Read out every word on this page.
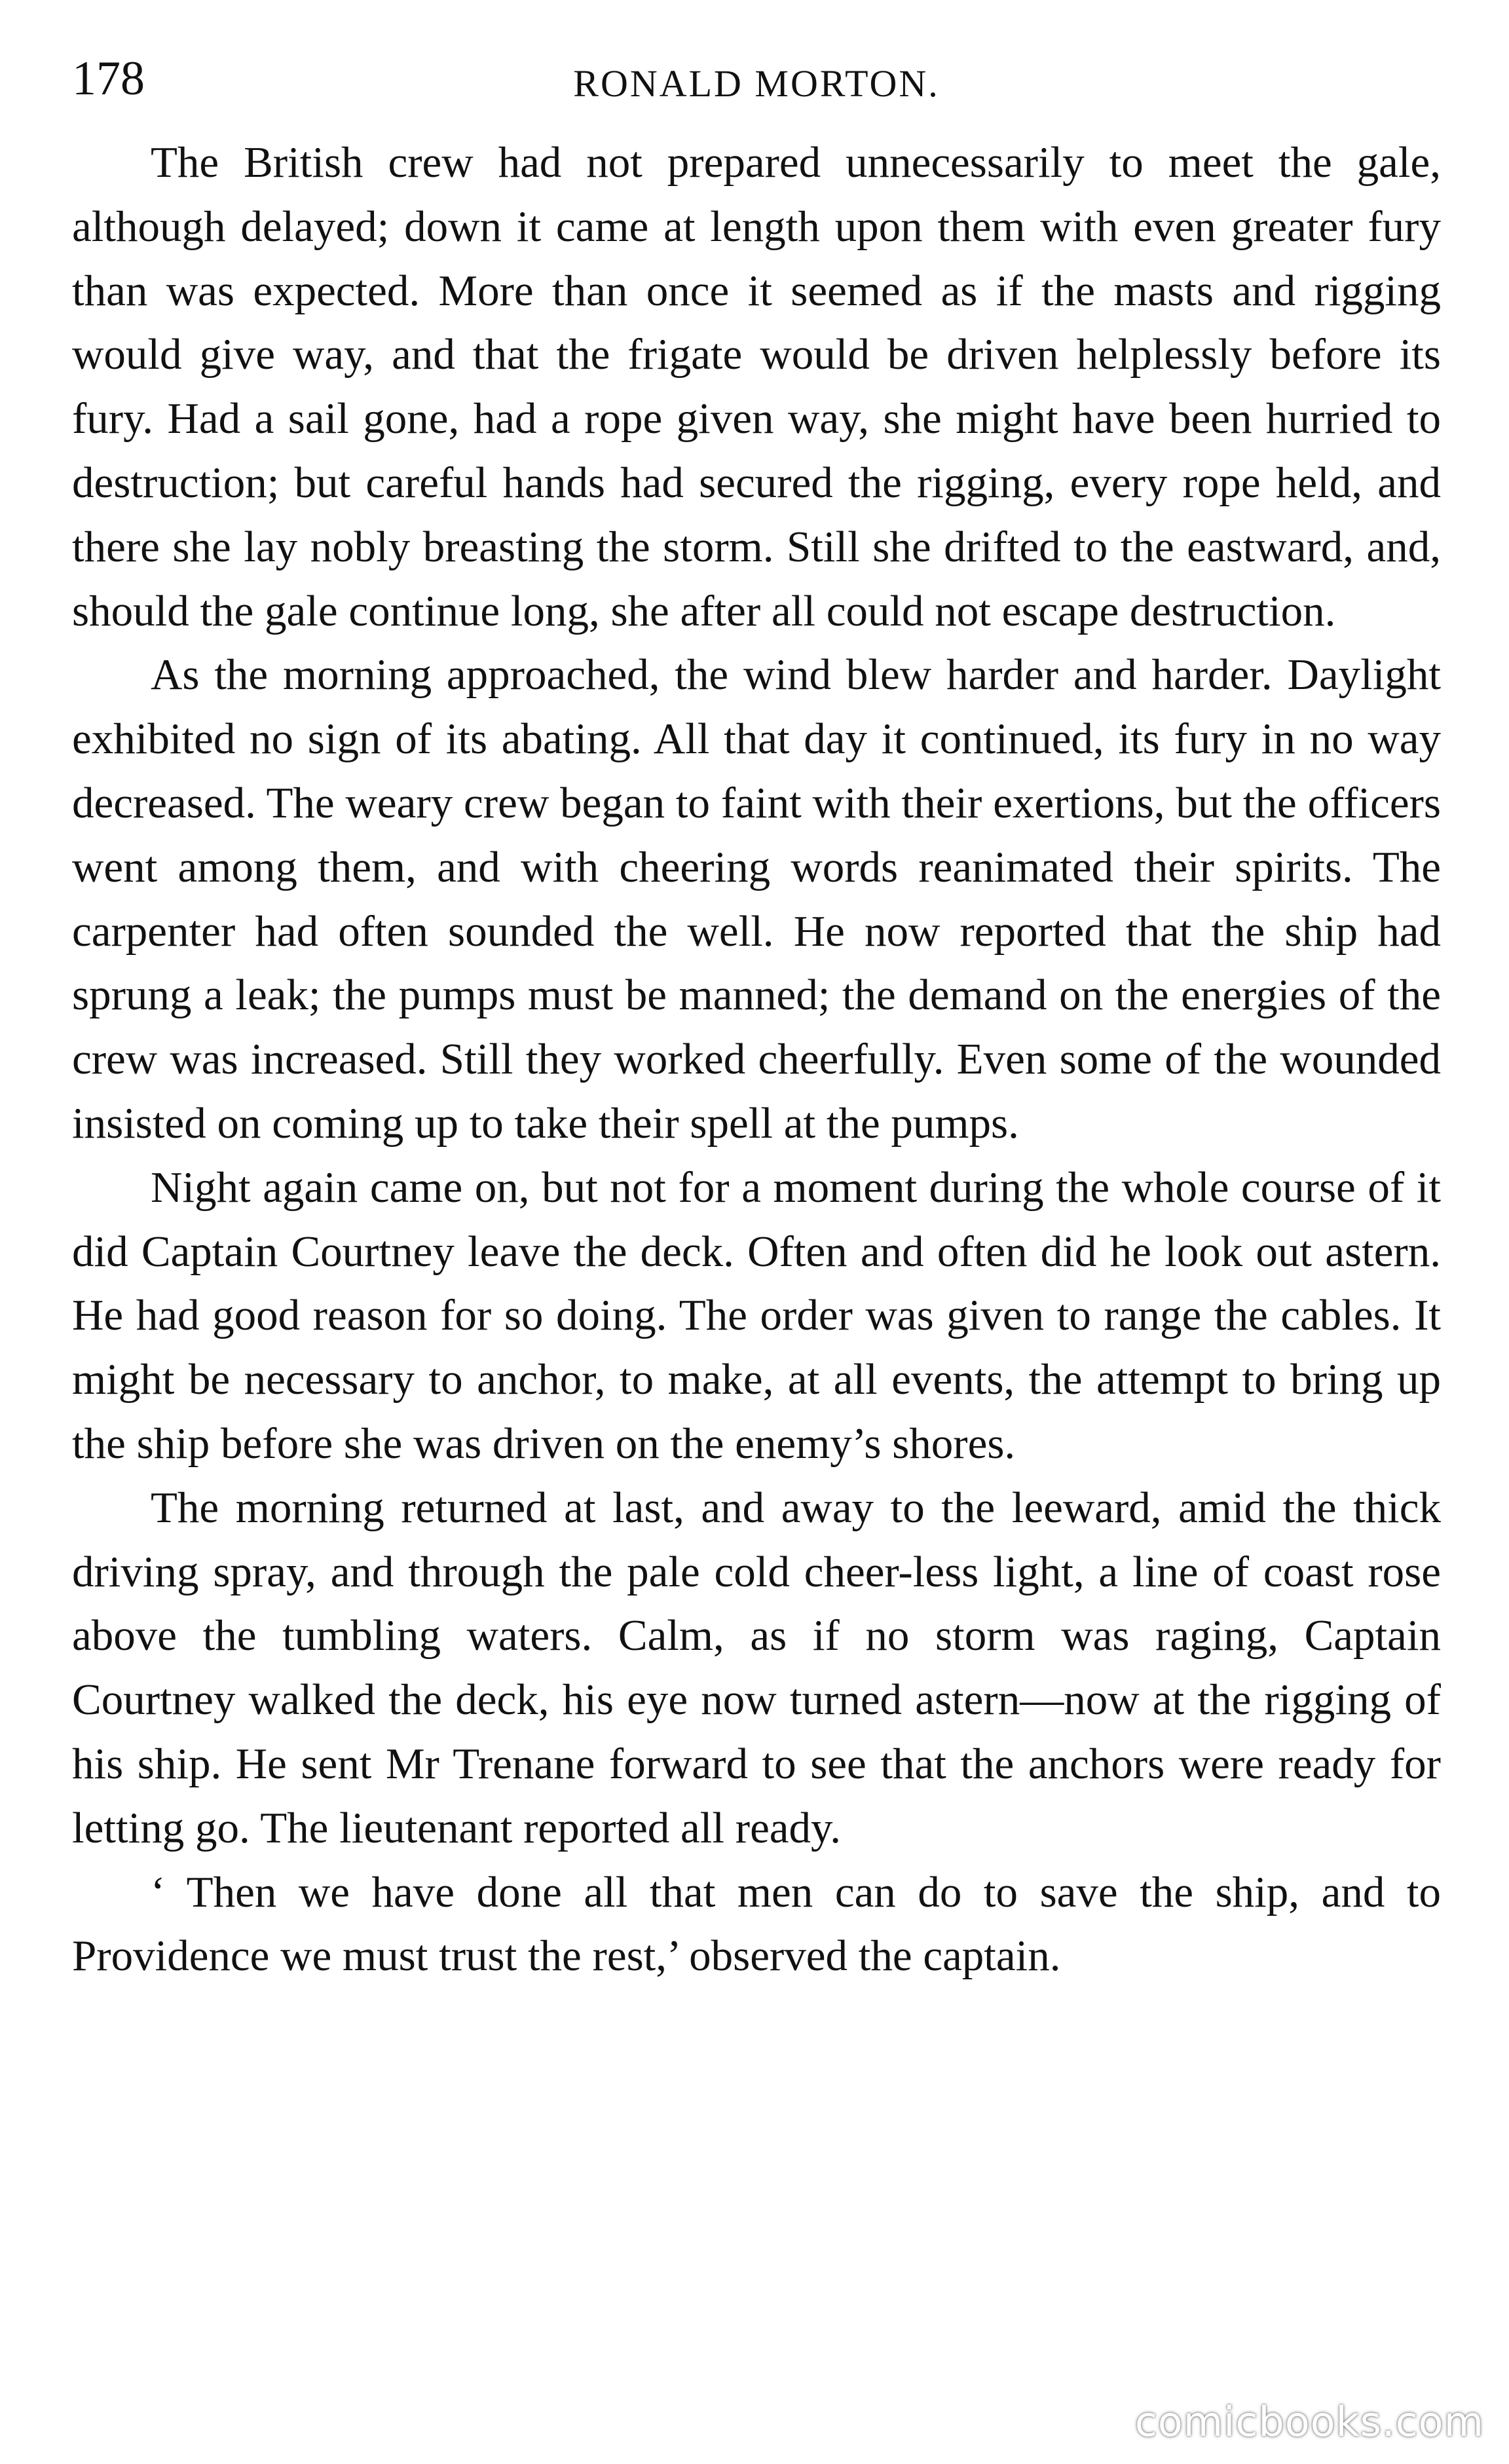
178	RONALD MORTON.

The British crew had not prepared unnecessarily to meet the gale, although delayed; down it came at length upon them with even greater fury than was expected. More than once it seemed as if the masts and rigging would give way, and that the frigate would be driven helplessly before its fury. Had a sail gone, had a rope given way, she might have been hurried to destruction; but careful hands had secured the rigging, every rope held, and there she lay nobly breasting the storm. Still she drifted to the eastward, and, should the gale continue long, she after all could not escape destruction.

As the morning approached, the wind blew harder and harder. Daylight exhibited no sign of its abating. All that day it continued, its fury in no way decreased. The weary crew began to faint with their exertions, but the officers went among them, and with cheering words reanimated their spirits. The carpenter had often sounded the well. He now reported that the ship had sprung a leak; the pumps must be manned; the demand on the energies of the crew was increased. Still they worked cheerfully. Even some of the wounded insisted on coming up to take their spell at the pumps.

Night again came on, but not for a moment during the whole course of it did Captain Courtney leave the deck. Often and often did he look out astern. He had good reason for so doing. The order was given to range the cables. It might be necessary to anchor, to make, at all events, the attempt to bring up the ship before she was driven on the enemy’s shores.

The morning returned at last, and away to the leeward, amid the thick driving spray, and through the pale cold cheer-less light, a line of coast rose above the tumbling waters. Calm, as if no storm was raging, Captain Courtney walked the deck, his eye now turned astern—now at the rigging of his ship. He sent Mr Trenane forward to see that the anchors were ready for letting go. The lieutenant reported all ready.

‘ Then we have done all that men can do to save the ship, and to Providence we must trust the rest,’ observed the captain.

comicbooks.com
